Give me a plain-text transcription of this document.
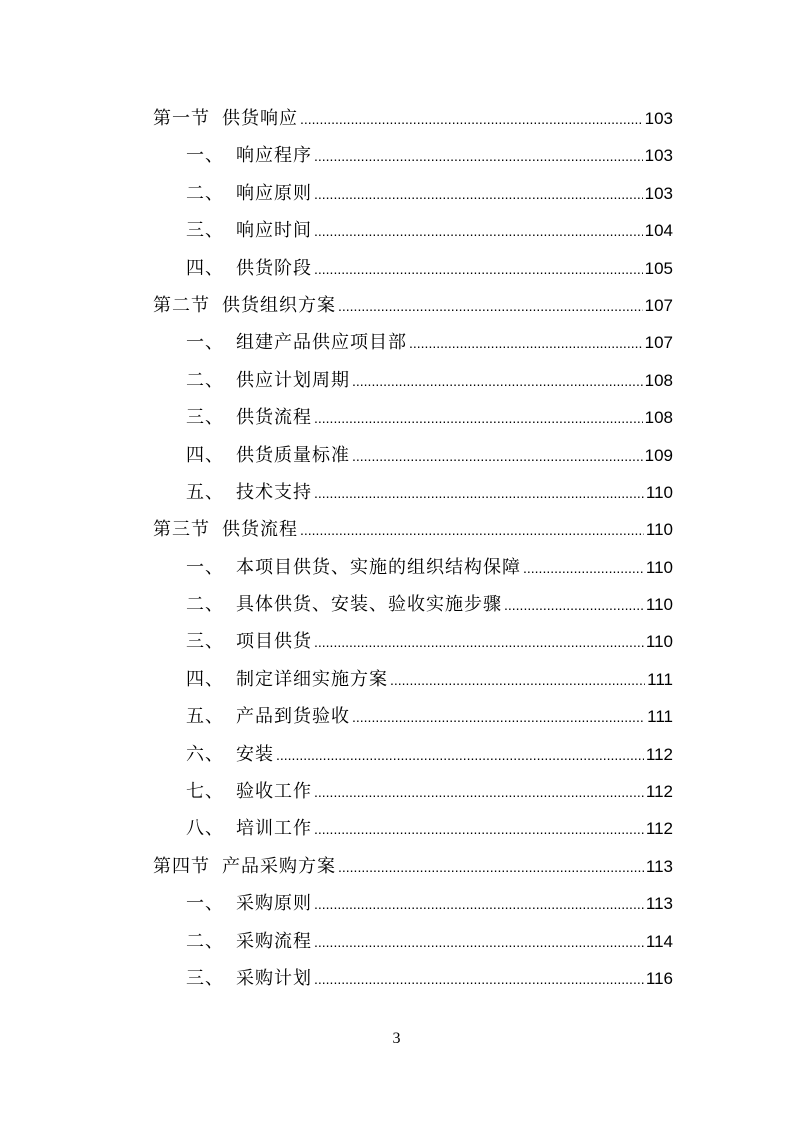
第一节 供货响应 .....	103
一、 响应程序 .....	103
二、 响应原则 .....	103
三、 响应时间 .....	104
四、 供货阶段 .....	105
第二节 供货组织方案 .....	107
一、 组建产品供应项目部 .....	107
二、 供应计划周期 .....	108
三、 供货流程 .....	108
四、 供货质量标准 .....	109
五、 技术支持 .....	110
第三节 供货流程 .....	110
一、 本项目供货、实施的组织结构保障 .....	110
二、 具体供货、安装、验收实施步骤 .....	110
三、 项目供货 .....	110
四、 制定详细实施方案 .....	111
五、 产品到货验收 .....	111
六、 安装 .....	112
七、 验收工作 .....	112
八、 培训工作 .....	112
第四节 产品采购方案 .....	113
一、 采购原则 .....	113
二、 采购流程 .....	114
三、 采购计划 .....	116
3
